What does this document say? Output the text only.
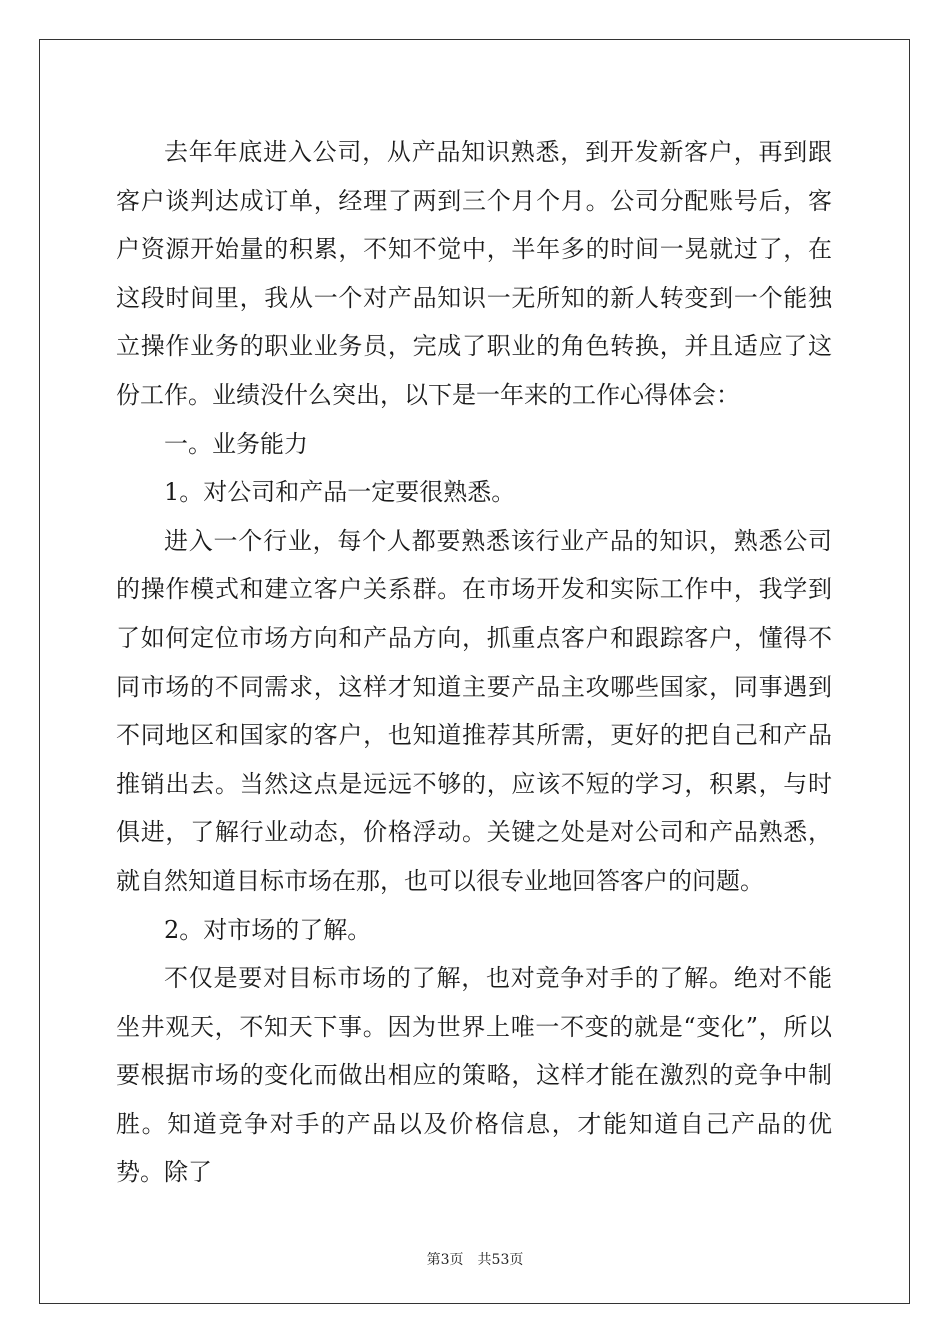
去年年底进入公司，从产品知识熟悉，到开发新客户，再到跟客户谈判达成订单，经理了两到三个月个月。公司分配账号后，客户资源开始量的积累，不知不觉中，半年多的时间一晃就过了，在这段时间里，我从一个对产品知识一无所知的新人转变到一个能独立操作业务的职业业务员，完成了职业的角色转换，并且适应了这份工作。业绩没什么突出，以下是一年来的工作心得体会：

一。业务能力

1。对公司和产品一定要很熟悉。

进入一个行业，每个人都要熟悉该行业产品的知识，熟悉公司的操作模式和建立客户关系群。在市场开发和实际工作中，我学到了如何定位市场方向和产品方向，抓重点客户和跟踪客户，懂得不同市场的不同需求，这样才知道主要产品主攻哪些国家，同事遇到不同地区和国家的客户，也知道推荐其所需，更好的把自己和产品推销出去。当然这点是远远不够的，应该不短的学习，积累，与时俱进，了解行业动态，价格浮动。关键之处是对公司和产品熟悉，就自然知道目标市场在那，也可以很专业地回答客户的问题。

2。对市场的了解。

不仅是要对目标市场的了解，也对竞争对手的了解。绝对不能坐井观天，不知天下事。因为世界上唯一不变的就是“变化”，所以要根据市场的变化而做出相应的策略，这样才能在激烈的竞争中制胜。知道竞争对手的产品以及价格信息，才能知道自己产品的优势。除了

第3页 共53页
